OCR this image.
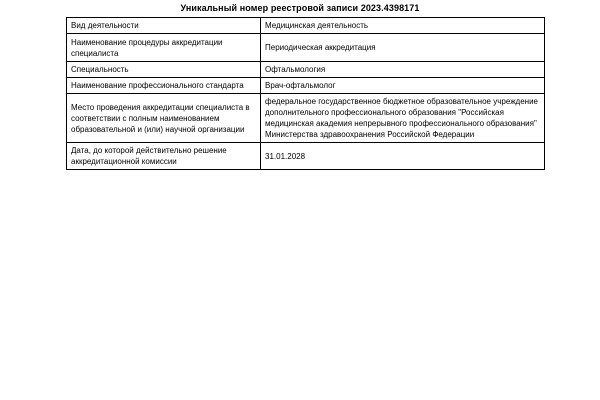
Уникальный номер реестровой записи 2023.4398171
Вид деятельности	Медицинская деятельность
Наименование процедуры аккредитации специалиста	Периодическая аккредитация
Специальность	Офтальмология
Наименование профессионального стандарта	Врач-офтальмолог
Место проведения аккредитации специалиста в соответствии с полным наименованием образовательной и (или) научной организации	федеральное государственное бюджетное образовательное учреждение дополнительного профессионального образования "Российская медицинская академия непрерывного профессионального образования" Министерства здравоохранения Российской Федерации
Дата, до которой действительно решение аккредитационной комиссии	31.01.2028
